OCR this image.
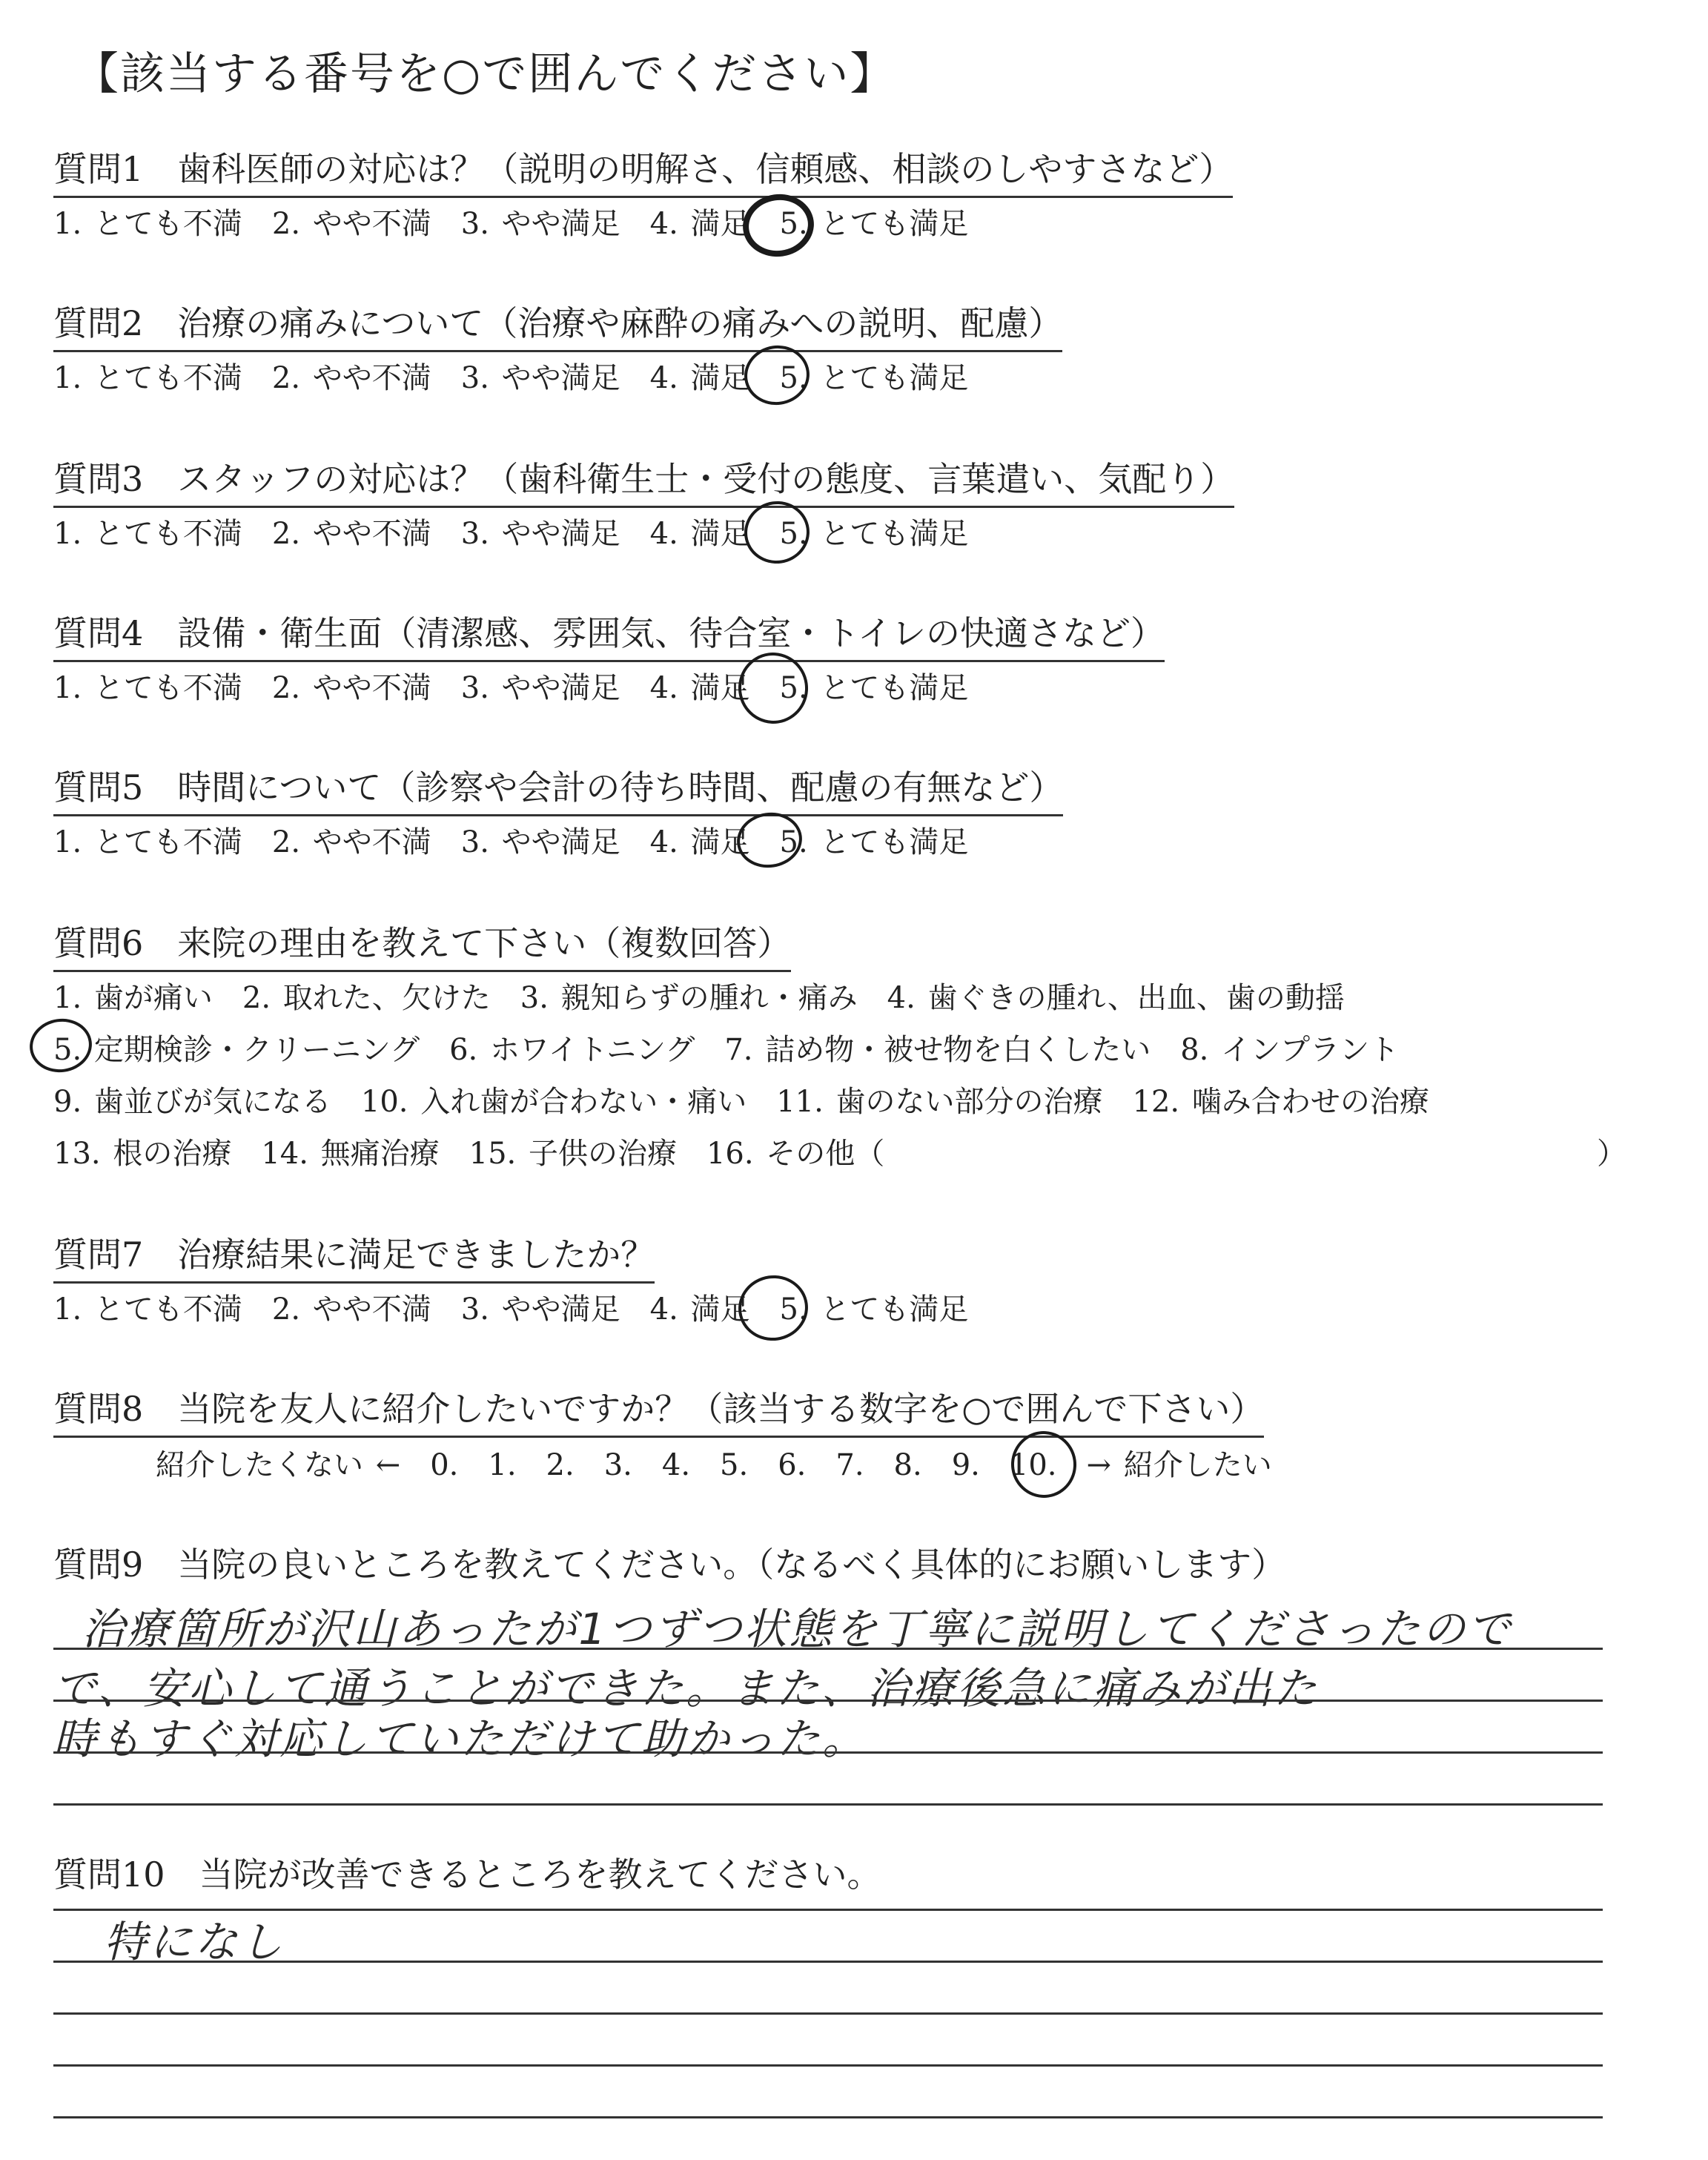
【該当する番号を○で囲んでください】
質問1　歯科医師の対応は？（説明の明解さ、信頼感、相談のしやすさなど）
1. とても不満　2. やや不満　3. やや満足　4. 満足　5. とても満足
質問2　治療の痛みについて（治療や麻酔の痛みへの説明、配慮）
1. とても不満　2. やや不満　3. やや満足　4. 満足　5. とても満足
質問3　スタッフの対応は？（歯科衛生士・受付の態度、言葉遣い、気配り）
1. とても不満　2. やや不満　3. やや満足　4. 満足　5. とても満足
質問4　設備・衛生面（清潔感、雰囲気、待合室・トイレの快適さなど）
1. とても不満　2. やや不満　3. やや満足　4. 満足　5. とても満足
質問5　時間について（診察や会計の待ち時間、配慮の有無など）
1. とても不満　2. やや不満　3. やや満足　4. 満足　5. とても満足
質問6　来院の理由を教えて下さい（複数回答）
1. 歯が痛い　2. 取れた、欠けた　3. 親知らずの腫れ・痛み　4. 歯ぐきの腫れ、出血、歯の動揺
5. 定期検診・クリーニング　6. ホワイトニング　7. 詰め物・被せ物を白くしたい　8. インプラント
9. 歯並びが気になる　10. 入れ歯が合わない・痛い　11. 歯のない部分の治療　12. 噛み合わせの治療
13. 根の治療　14. 無痛治療　15. 子供の治療　16. その他（	）
質問7　治療結果に満足できましたか？
1. とても不満　2. やや不満　3. やや満足　4. 満足　5. とても満足
質問8　当院を友人に紹介したいですか？（該当する数字を○で囲んで下さい）
紹介したくない ←　0.　1.　2.　3.　4.　5.　6.　7.　8.　9.　10.　→ 紹介したい
質問9　当院の良いところを教えてください。（なるべく具体的にお願いします）
治療箇所が沢山あったが1つずつ状態を丁寧に説明してくださったので
で、安心して通うことができた。また、治療後急に痛みが出た
時もすぐ対応していただけて助かった。
質問10　当院が改善できるところを教えてください。
特になし
